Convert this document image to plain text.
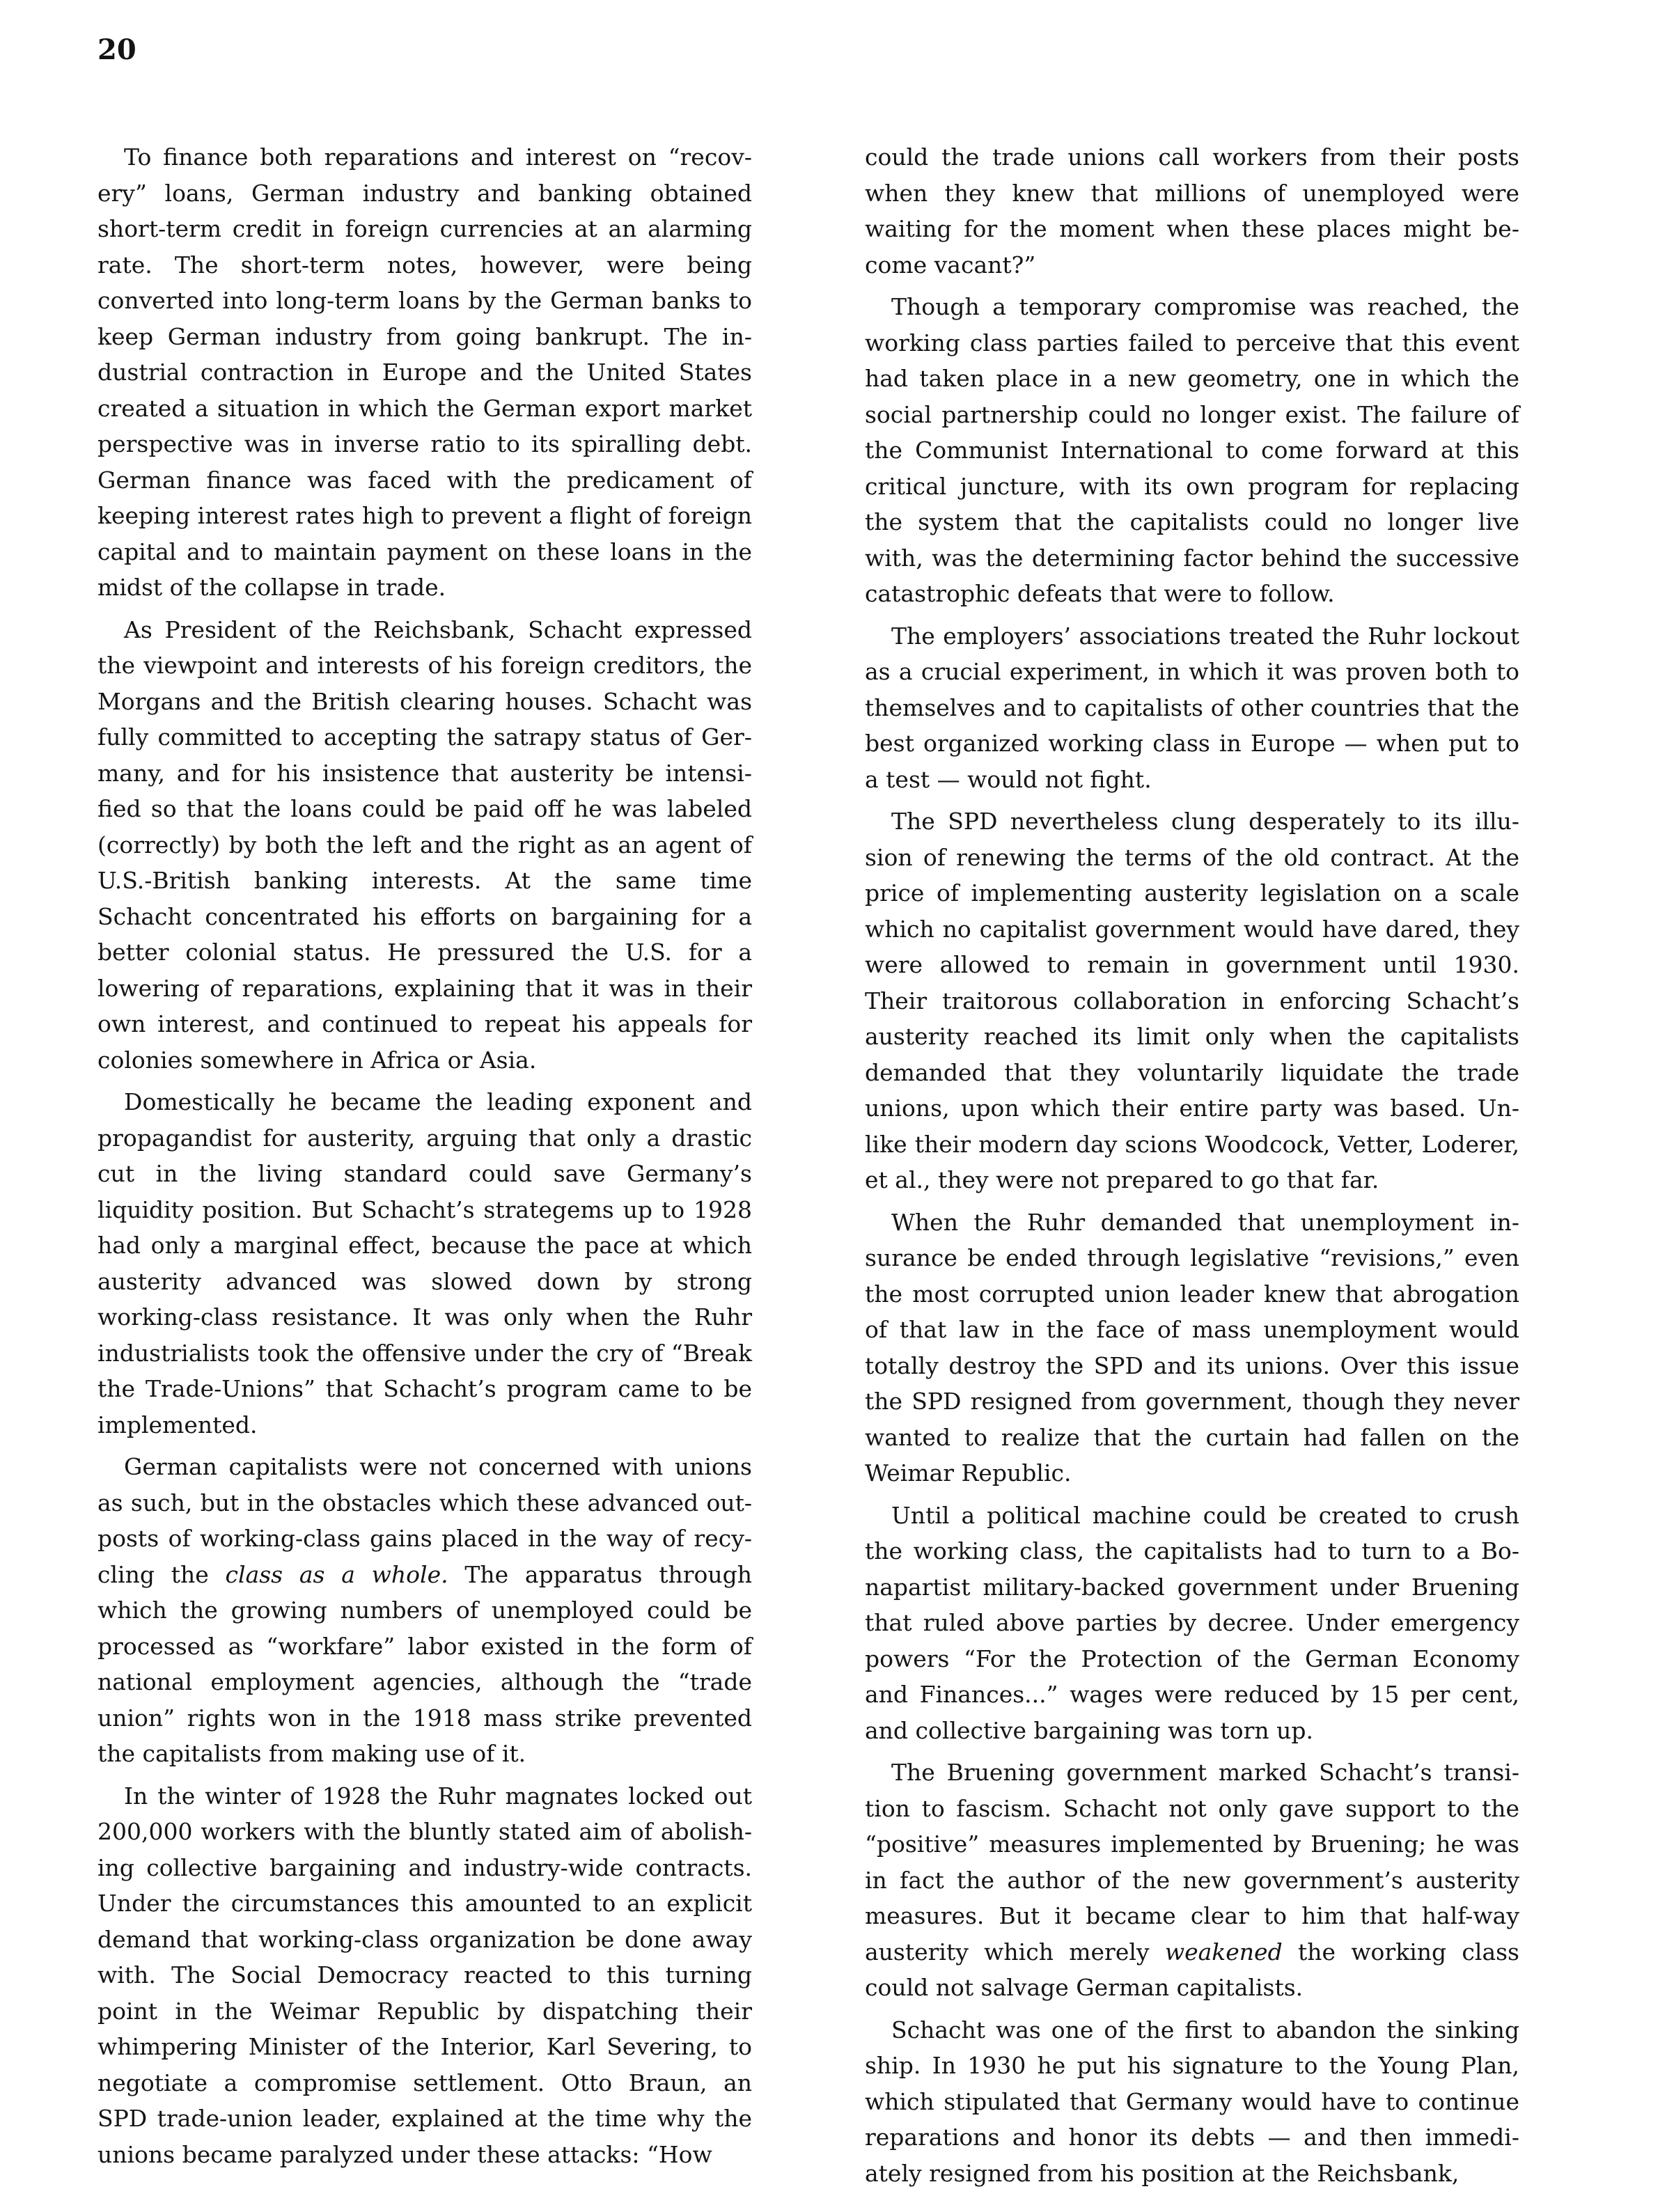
20

To finance both reparations and interest on “recovery” loans, German industry and banking obtained short-term credit in foreign currencies at an alarming rate. The short-term notes, however, were being converted into long-term loans by the German banks to keep German industry from going bankrupt. The industrial contraction in Europe and the United States created a situation in which the German export market perspective was in inverse ratio to its spiralling debt. German finance was faced with the predicament of keeping interest rates high to prevent a flight of foreign capital and to maintain payment on these loans in the midst of the collapse in trade.

As President of the Reichsbank, Schacht expressed the viewpoint and interests of his foreign creditors, the Morgans and the British clearing houses. Schacht was fully committed to accepting the satrapy status of Germany, and for his insistence that austerity be intensified so that the loans could be paid off he was labeled (correctly) by both the left and the right as an agent of U.S.-British banking interests. At the same time Schacht concentrated his efforts on bargaining for a better colonial status. He pressured the U.S. for a lowering of reparations, explaining that it was in their own interest, and continued to repeat his appeals for colonies somewhere in Africa or Asia.

Domestically he became the leading exponent and propagandist for austerity, arguing that only a drastic cut in the living standard could save Germany’s liquidity position. But Schacht’s strategems up to 1928 had only a marginal effect, because the pace at which austerity advanced was slowed down by strong working-class resistance. It was only when the Ruhr industrialists took the offensive under the cry of “Break the Trade-Unions” that Schacht’s program came to be implemented.

German capitalists were not concerned with unions as such, but in the obstacles which these advanced outposts of working-class gains placed in the way of recycling the class as a whole. The apparatus through which the growing numbers of unemployed could be processed as “workfare” labor existed in the form of national employment agencies, although the “trade union” rights won in the 1918 mass strike prevented the capitalists from making use of it.

In the winter of 1928 the Ruhr magnates locked out 200,000 workers with the bluntly stated aim of abolishing collective bargaining and industry-wide contracts. Under the circumstances this amounted to an explicit demand that working-class organization be done away with. The Social Democracy reacted to this turning point in the Weimar Republic by dispatching their whimpering Minister of the Interior, Karl Severing, to negotiate a compromise settlement. Otto Braun, an SPD trade-union leader, explained at the time why the unions became paralyzed under these attacks: “How

could the trade unions call workers from their posts when they knew that millions of unemployed were waiting for the moment when these places might become vacant?”

Though a temporary compromise was reached, the working class parties failed to perceive that this event had taken place in a new geometry, one in which the social partnership could no longer exist. The failure of the Communist International to come forward at this critical juncture, with its own program for replacing the system that the capitalists could no longer live with, was the determining factor behind the successive catastrophic defeats that were to follow.

The employers’ associations treated the Ruhr lockout as a crucial experiment, in which it was proven both to themselves and to capitalists of other countries that the best organized working class in Europe — when put to a test — would not fight.

The SPD nevertheless clung desperately to its illusion of renewing the terms of the old contract. At the price of implementing austerity legislation on a scale which no capitalist government would have dared, they were allowed to remain in government until 1930. Their traitorous collaboration in enforcing Schacht’s austerity reached its limit only when the capitalists demanded that they voluntarily liquidate the trade unions, upon which their entire party was based. Unlike their modern day scions Woodcock, Vetter, Loderer, et al., they were not prepared to go that far.

When the Ruhr demanded that unemployment insurance be ended through legislative “revisions,” even the most corrupted union leader knew that abrogation of that law in the face of mass unemployment would totally destroy the SPD and its unions. Over this issue the SPD resigned from government, though they never wanted to realize that the curtain had fallen on the Weimar Republic.

Until a political machine could be created to crush the working class, the capitalists had to turn to a Bonapartist military-backed government under Bruening that ruled above parties by decree. Under emergency powers “For the Protection of the German Economy and Finances...” wages were reduced by 15 per cent, and collective bargaining was torn up.

The Bruening government marked Schacht’s transition to fascism. Schacht not only gave support to the “positive” measures implemented by Bruening; he was in fact the author of the new government’s austerity measures. But it became clear to him that half-way austerity which merely weakened the working class could not salvage German capitalists.

Schacht was one of the first to abandon the sinking ship. In 1930 he put his signature to the Young Plan, which stipulated that Germany would have to continue reparations and honor its debts — and then immediately resigned from his position at the Reichsbank,
